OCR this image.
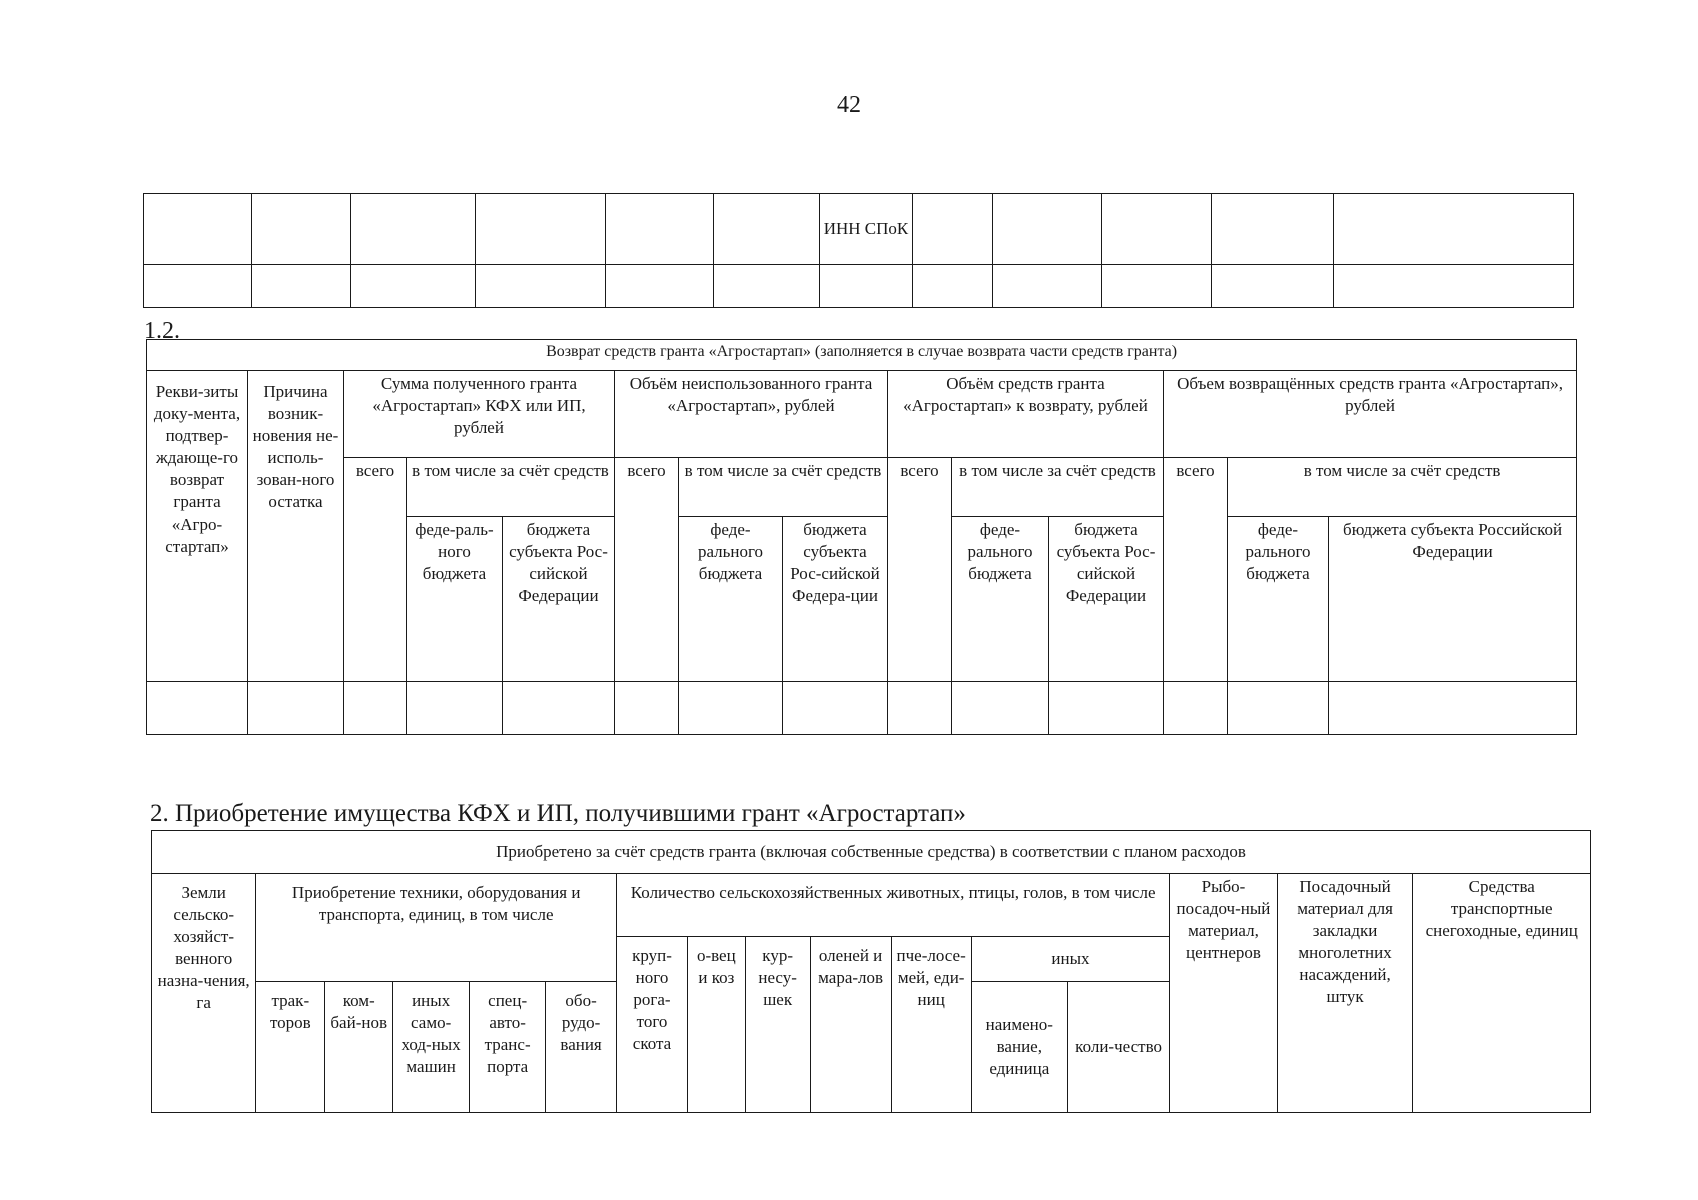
42
						ИНН СПоК					

1.2.
Возврат средств гранта «Агростартап» (заполняется в случае возврата части средств гранта)													
Рекви-зиты доку-мента, подтвер-ждающе-го возврат гранта «Агро-стартап»	Причина возник-новения не-исполь-зован-ного остатка	Сумма полученного гранта «Агростартап» КФХ или ИП, рублей			Объём неиспользованного гранта «Агростартап», рублей			Объём средств гранта «Агростартап» к возврату, рублей			Объем возвращённых средств гранта «Агростартап», рублей		
		всего	в том числе за счёт средств		всего	в том числе за счёт средств		всего	в том числе за счёт средств		всего	в том числе за счёт средств	
			феде-раль-ного бюджета	бюджета субъекта Рос-сийской Федерации		феде-рального бюджета	бюджета субъекта Рос-сийской Федера-ции		феде-рального бюджета	бюджета субъекта Рос-сийской Федерации		феде-рального бюджета	бюджета субъекта Российской Федерации

2. Приобретение имущества КФХ и ИП, получившими грант «Агростартап»
Приобретено за счёт средств гранта (включая собственные средства) в соответствии с планом расходов															
Земли сельско-хозяйст-венного назна-чения, га	Приобретение техники, оборудования и транспорта, единиц, в том числе					Количество сельскохозяйственных животных, птицы, голов, в том числе							Рыбо-посадоч-ный материал, центнеров	Посадочный материал для закладки многолетних насаждений, штук	Средства транспортные снегоходные, единиц
						круп-ного рога-того скота	о-вец и коз	кур-несу-шек	оленей и мара-лов	пче-лосе-мей, еди-ниц	иных				
	трак-торов	ком-бай-нов	иных само-ход-ных машин	спец-авто-транс-порта	обо-рудо-вания						наимено-вание, единица	коли-чество			
